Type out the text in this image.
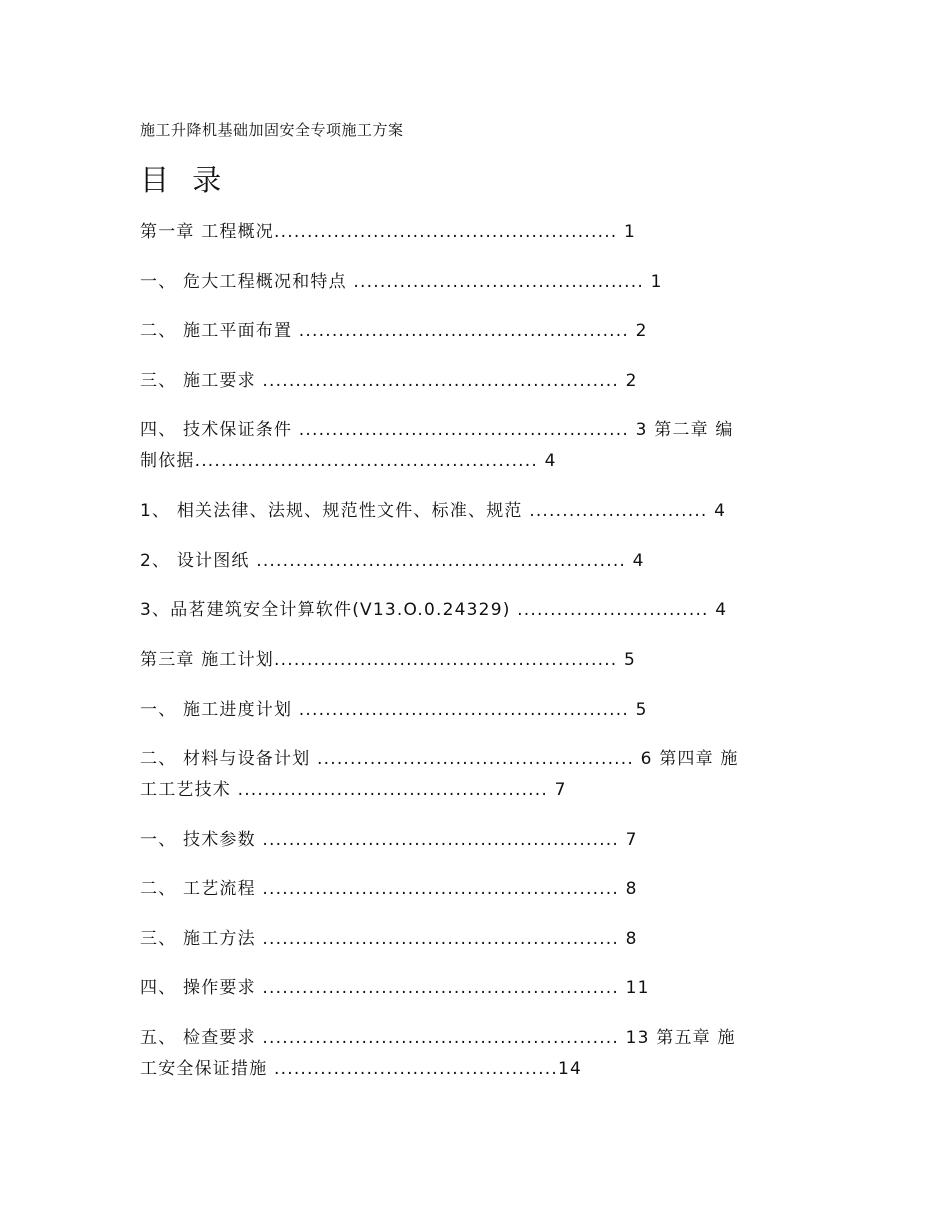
施工升降机基础加固安全专项施工方案
目 录
第一章 工程概况.................................................... 1
一、 危大工程概况和特点 ............................................ 1
二、 施工平面布置 .................................................. 2
三、 施工要求 ...................................................... 2
四、 技术保证条件 .................................................. 3 第二章 编
制依据.................................................... 4
1、 相关法律、法规、规范性文件、标准、规范 ........................... 4
2、 设计图纸 ........................................................ 4
3、品茗建筑安全计算软件(V13.O.0.24329) ............................. 4
第三章 施工计划.................................................... 5
一、 施工进度计划 .................................................. 5
二、 材料与设备计划 ................................................ 6 第四章 施
工工艺技术 ............................................... 7
一、 技术参数 ...................................................... 7
二、 工艺流程 ...................................................... 8
三、 施工方法 ...................................................... 8
四、 操作要求 ...................................................... 11
五、 检查要求 ...................................................... 13 第五章 施
工安全保证措施 ...........................................14
